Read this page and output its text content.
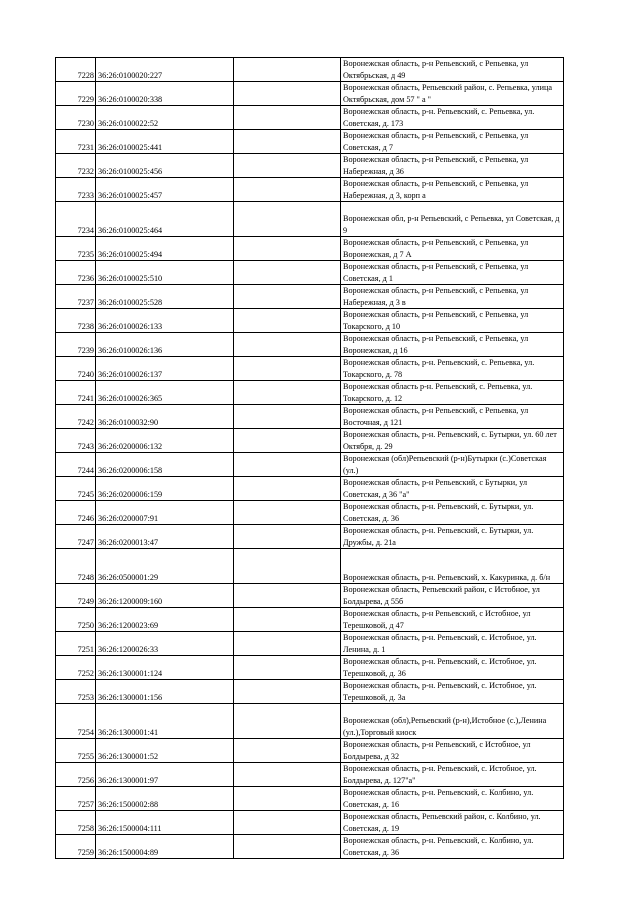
7228	36:26:0100020:227		Воронежская область, р-н Репьевский, с Репьевка, ул Октябрьская, д 49
7229	36:26:0100020:338		Воронежская область, Репьевский район, с. Репьевка, улица Октябрьская, дом 57 " а "
7230	36:26:0100022:52		Воронежская область, р-н. Репьевский, с. Репьевка, ул. Советская, д. 173
7231	36:26:0100025:441		Воронежская область, р-н Репьевский, с Репьевка, ул Советская, д 7
7232	36:26:0100025:456		Воронежская область, р-н Репьевский, с Репьевка, ул Набережная, д 36
7233	36:26:0100025:457		Воронежская область, р-н Репьевский, с Репьевка, ул Набережная, д 3, корп а
7234	36:26:0100025:464		Воронежская обл, р-н Репьевский, с Репьевка, ул Советская, д 9
7235	36:26:0100025:494		Воронежская область, р-н Репьевский, с Репьевка, ул Воронежская, д 7 А
7236	36:26:0100025:510		Воронежская область, р-н Репьевский, с Репьевка, ул Советская, д 1
7237	36:26:0100025:528		Воронежская область, р-н Репьевский, с Репьевка, ул Набережная, д 3 в
7238	36:26:0100026:133		Воронежская область, р-н Репьевский, с Репьевка, ул Токарского, д 10
7239	36:26:0100026:136		Воронежская область, р-н Репьевский, с Репьевка, ул Воронежская, д 16
7240	36:26:0100026:137		Воронежская область, р-н. Репьевский, с. Репьевка, ул. Токарского, д. 78
7241	36:26:0100026:365		Воронежская область р-н. Репьевский, с. Репьевка, ул. Токарского, д. 12
7242	36:26:0100032:90		Воронежская область, р-н Репьевский, с Репьевка, ул Восточная, д 121
7243	36:26:0200006:132		Воронежская область, р-н. Репьевский, с. Бутырки, ул. 60 лет Октября, д. 29
7244	36:26:0200006:158		Воронежская (обл)Репьевский (р-н)Бутырки (с.)Советская (ул.)
7245	36:26:0200006:159		Воронежская область, р-н Репьевский, с Бутырки, ул Советская, д 36 "а"
7246	36:26:0200007:91		Воронежская область, р-н. Репьевский, с. Бутырки, ул. Советская, д. 36
7247	36:26:0200013:47		Воронежская область, р-н. Репьевский, с. Бутырки, ул. Дружбы, д. 21а
7248	36:26:0500001:29		Воронежская область, р-н. Репьевский, х. Какуринка, д. б/н
7249	36:26:1200009:160		Воронежская область, Репьевский район, с Истобное, ул Болдырева, д 55б
7250	36:26:1200023:69		Воронежская область, р-н Репьевский, с Истобное, ул Терешковой, д 47
7251	36:26:1200026:33		Воронежская область, р-н. Репьевский, с. Истобное, ул. Ленина, д. 1
7252	36:26:1300001:124		Воронежская область, р-н. Репьевский, с. Истобное, ул. Терешковой, д. 36
7253	36:26:1300001:156		Воронежская область, р-н. Репьевский, с. Истобное, ул. Терешковой, д. 3а
7254	36:26:1300001:41		Воронежская (обл),Репьевский (р-н),Истобное (с.),Ленина (ул.),Торговый киоск
7255	36:26:1300001:52		Воронежская область, р-н Репьевский, с Истобное, ул Болдырева, д 32
7256	36:26:1300001:97		Воронежская область, р-н. Репьевский, с. Истобное, ул. Болдырева, д. 127"а"
7257	36:26:1500002:88		Воронежская область, р-н. Репьевский, с. Колбино, ул. Советская, д. 16
7258	36:26:1500004:111		Воронежская область, Репьевский район, с. Колбино, ул. Советская, д. 19
7259	36:26:1500004:89		Воронежская область, р-н. Репьевский, с. Колбино, ул. Советская, д. 36
